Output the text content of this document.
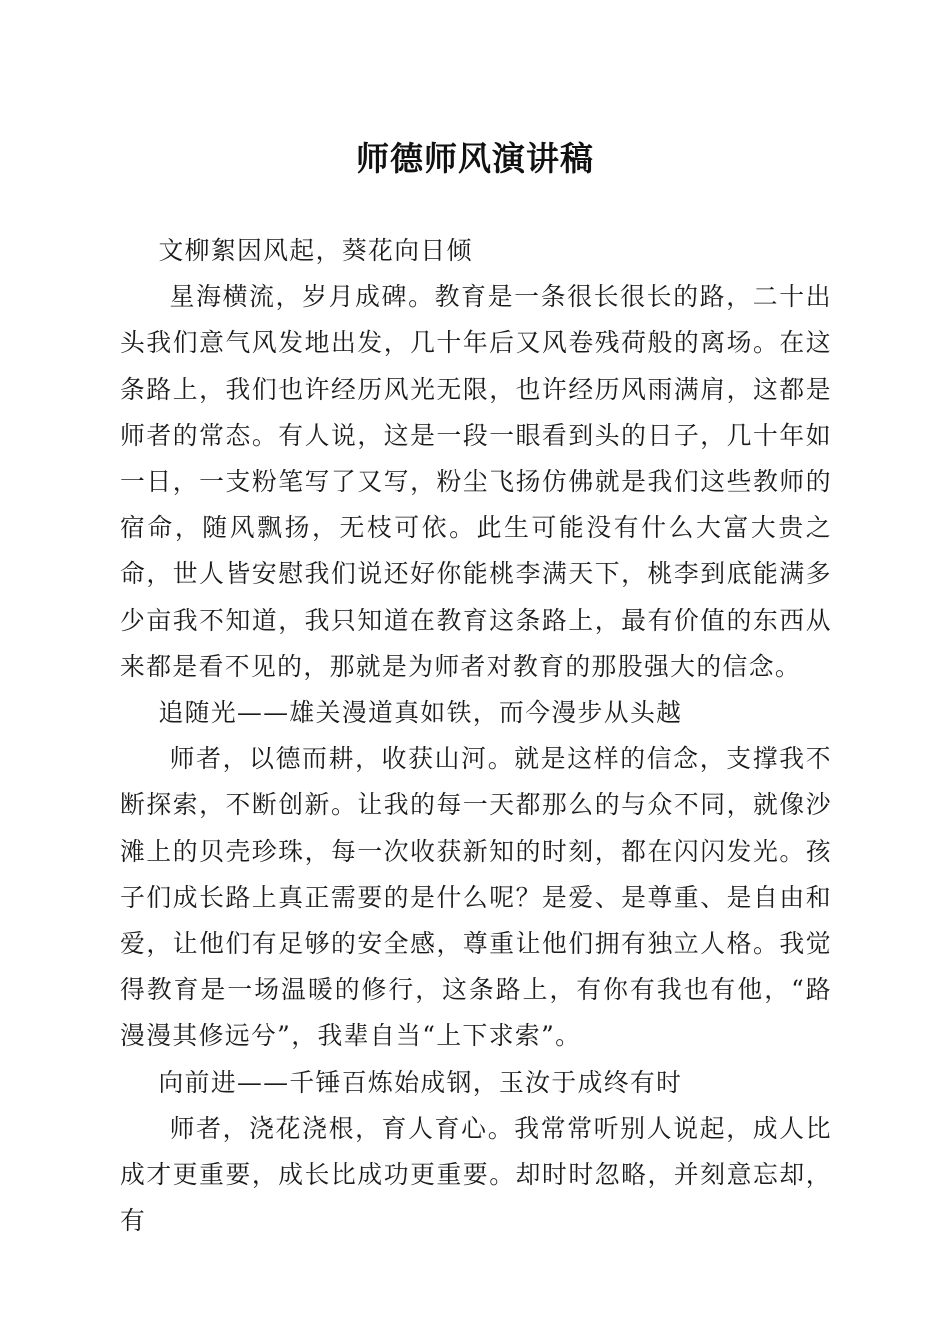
师德师风演讲稿

文柳絮因风起，葵花向日倾

星海横流，岁月成碑。教育是一条很长很长的路，二十出头我们意气风发地出发，几十年后又风卷残荷般的离场。在这条路上，我们也许经历风光无限，也许经历风雨满肩，这都是师者的常态。有人说，这是一段一眼看到头的日子，几十年如一日，一支粉笔写了又写，粉尘飞扬仿佛就是我们这些教师的宿命，随风飘扬，无枝可依。此生可能没有什么大富大贵之命，世人皆安慰我们说还好你能桃李满天下，桃李到底能满多少亩我不知道，我只知道在教育这条路上，最有价值的东西从来都是看不见的，那就是为师者对教育的那股强大的信念。

追随光——雄关漫道真如铁，而今漫步从头越

师者，以德而耕，收获山河。就是这样的信念，支撑我不断探索，不断创新。让我的每一天都那么的与众不同，就像沙滩上的贝壳珍珠，每一次收获新知的时刻，都在闪闪发光。孩子们成长路上真正需要的是什么呢？是爱、是尊重、是自由和爱，让他们有足够的安全感，尊重让他们拥有独立人格。我觉得教育是一场温暖的修行，这条路上，有你有我也有他，“路漫漫其修远兮”，我辈自当“上下求索”。

向前进——千锤百炼始成钢，玉汝于成终有时

师者，浇花浇根，育人育心。我常常听别人说起，成人比成才更重要，成长比成功更重要。却时时忽略，并刻意忘却，有
